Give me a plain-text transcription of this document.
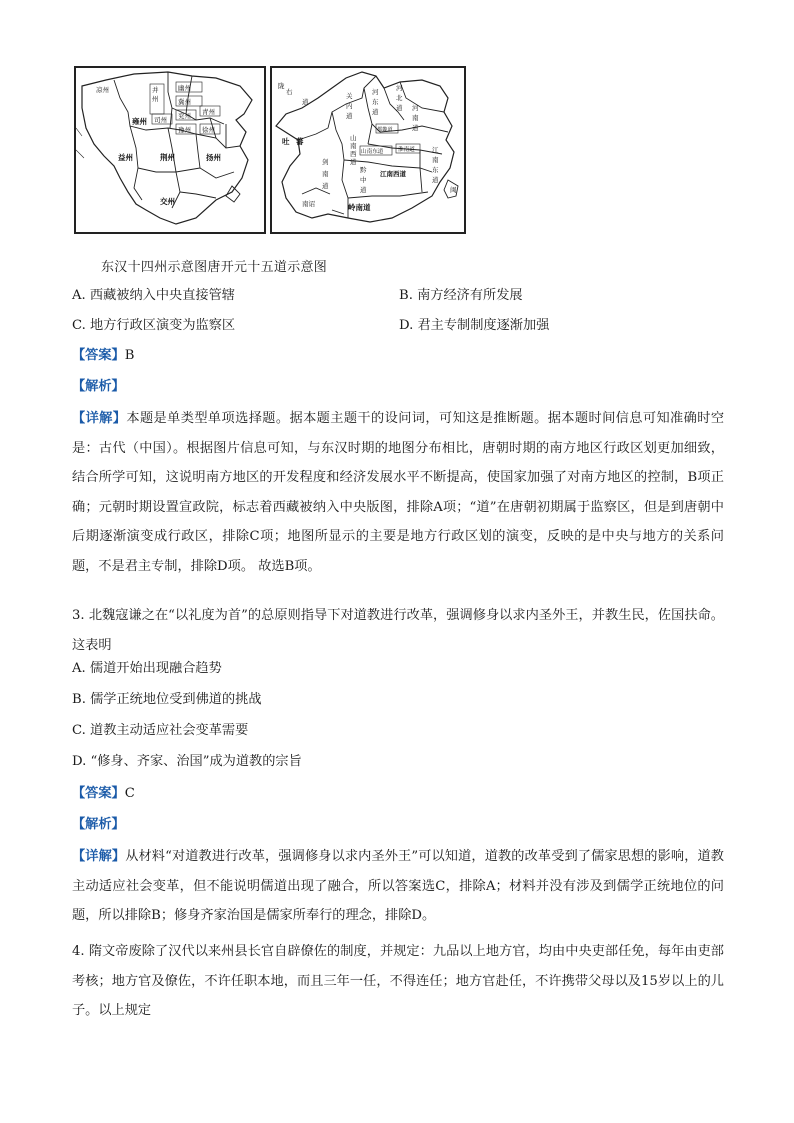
凉州	并
州
幽州
冀州
司州 兖州 青州
豫州 徐州
雍州
益州	荆州	扬州
交州
陇
右
道
关
内
道
河
东
道
河
北
道 河
南
道
都畿道
山南东道	淮南道
剑
南
道
山
南
西
道
黔
中
道
江
南
东
道
江南西道
吐 蕃
南诏	岭南道
闽
东汉十四州示意图唐开元十五道示意图
A. 西藏被纳入中央直接管辖	B. 南方经济有所发展
C. 地方行政区演变为监察区	D. 君主专制制度逐渐加强
【答案】B
【解析】
【详解】本题是单类型单项选择题。据本题主题干的设问词，可知这是推断题。据本题时间信息可知准确时空是：古代（中国）。根据图片信息可知，与东汉时期的地图分布相比，唐朝时期的南方地区行政区划更加细致，结合所学可知，这说明南方地区的开发程度和经济发展水平不断提高，使国家加强了对南方地区的控制，B项正确；元朝时期设置宣政院，标志着西藏被纳入中央版图，排除A项；“道”在唐朝初期属于监察区，但是到唐朝中后期逐渐演变成行政区，排除C项；地图所显示的主要是地方行政区划的演变，反映的是中央与地方的关系问题，不是君主专制，排除D项。 故选B项。
3. 北魏寇谦之在“以礼度为首”的总原则指导下对道教进行改革，强调修身以求内圣外王，并教生民，佐国扶命。这表明
A. 儒道开始出现融合趋势
B. 儒学正统地位受到佛道的挑战
C. 道教主动适应社会变革需要
D. “修身、齐家、治国”成为道教的宗旨
【答案】C
【解析】
【详解】从材料“对道教进行改革，强调修身以求内圣外王”可以知道，道教的改革受到了儒家思想的影响，道教主动适应社会变革，但不能说明儒道出现了融合，所以答案选C，排除A；材料并没有涉及到儒学正统地位的问题，所以排除B；修身齐家治国是儒家所奉行的理念，排除D。
4. 隋文帝废除了汉代以来州县长官自辟僚佐的制度，并规定：九品以上地方官，均由中央吏部任免，每年由吏部考核；地方官及僚佐，不许任职本地，而且三年一任，不得连任；地方官赴任，不许携带父母以及15岁以上的儿子。以上规定
